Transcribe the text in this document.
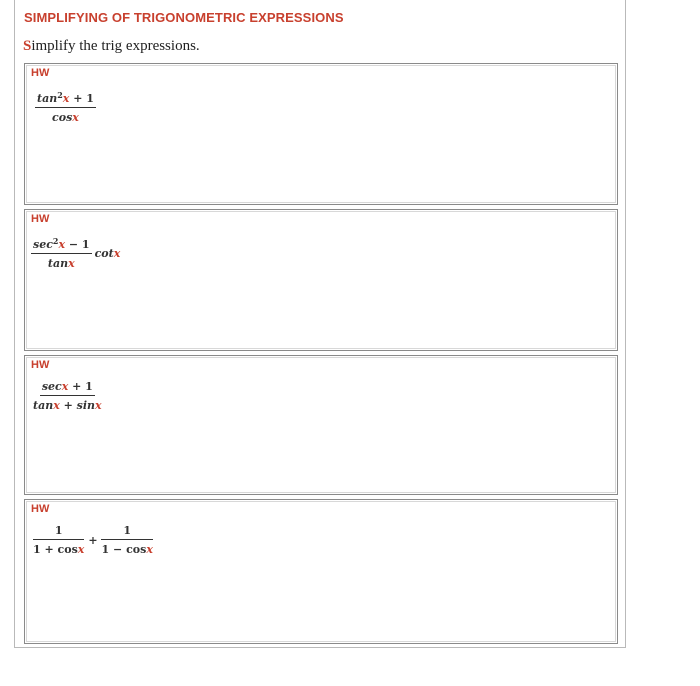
SIMPLIFYING OF TRIGONOMETRIC EXPRESSIONS
Simplify the trig expressions.
HW
$\frac{\tan^2x + 1}{\cos x}$
HW
$\frac{\sec^2x - 1}{\tan x}$ cotx
HW
$\frac{\sec x + 1}{\tan x + \sin x}$
HW
$\frac{1}{1 + \cos x} + \frac{1}{1 - \cos x}$
